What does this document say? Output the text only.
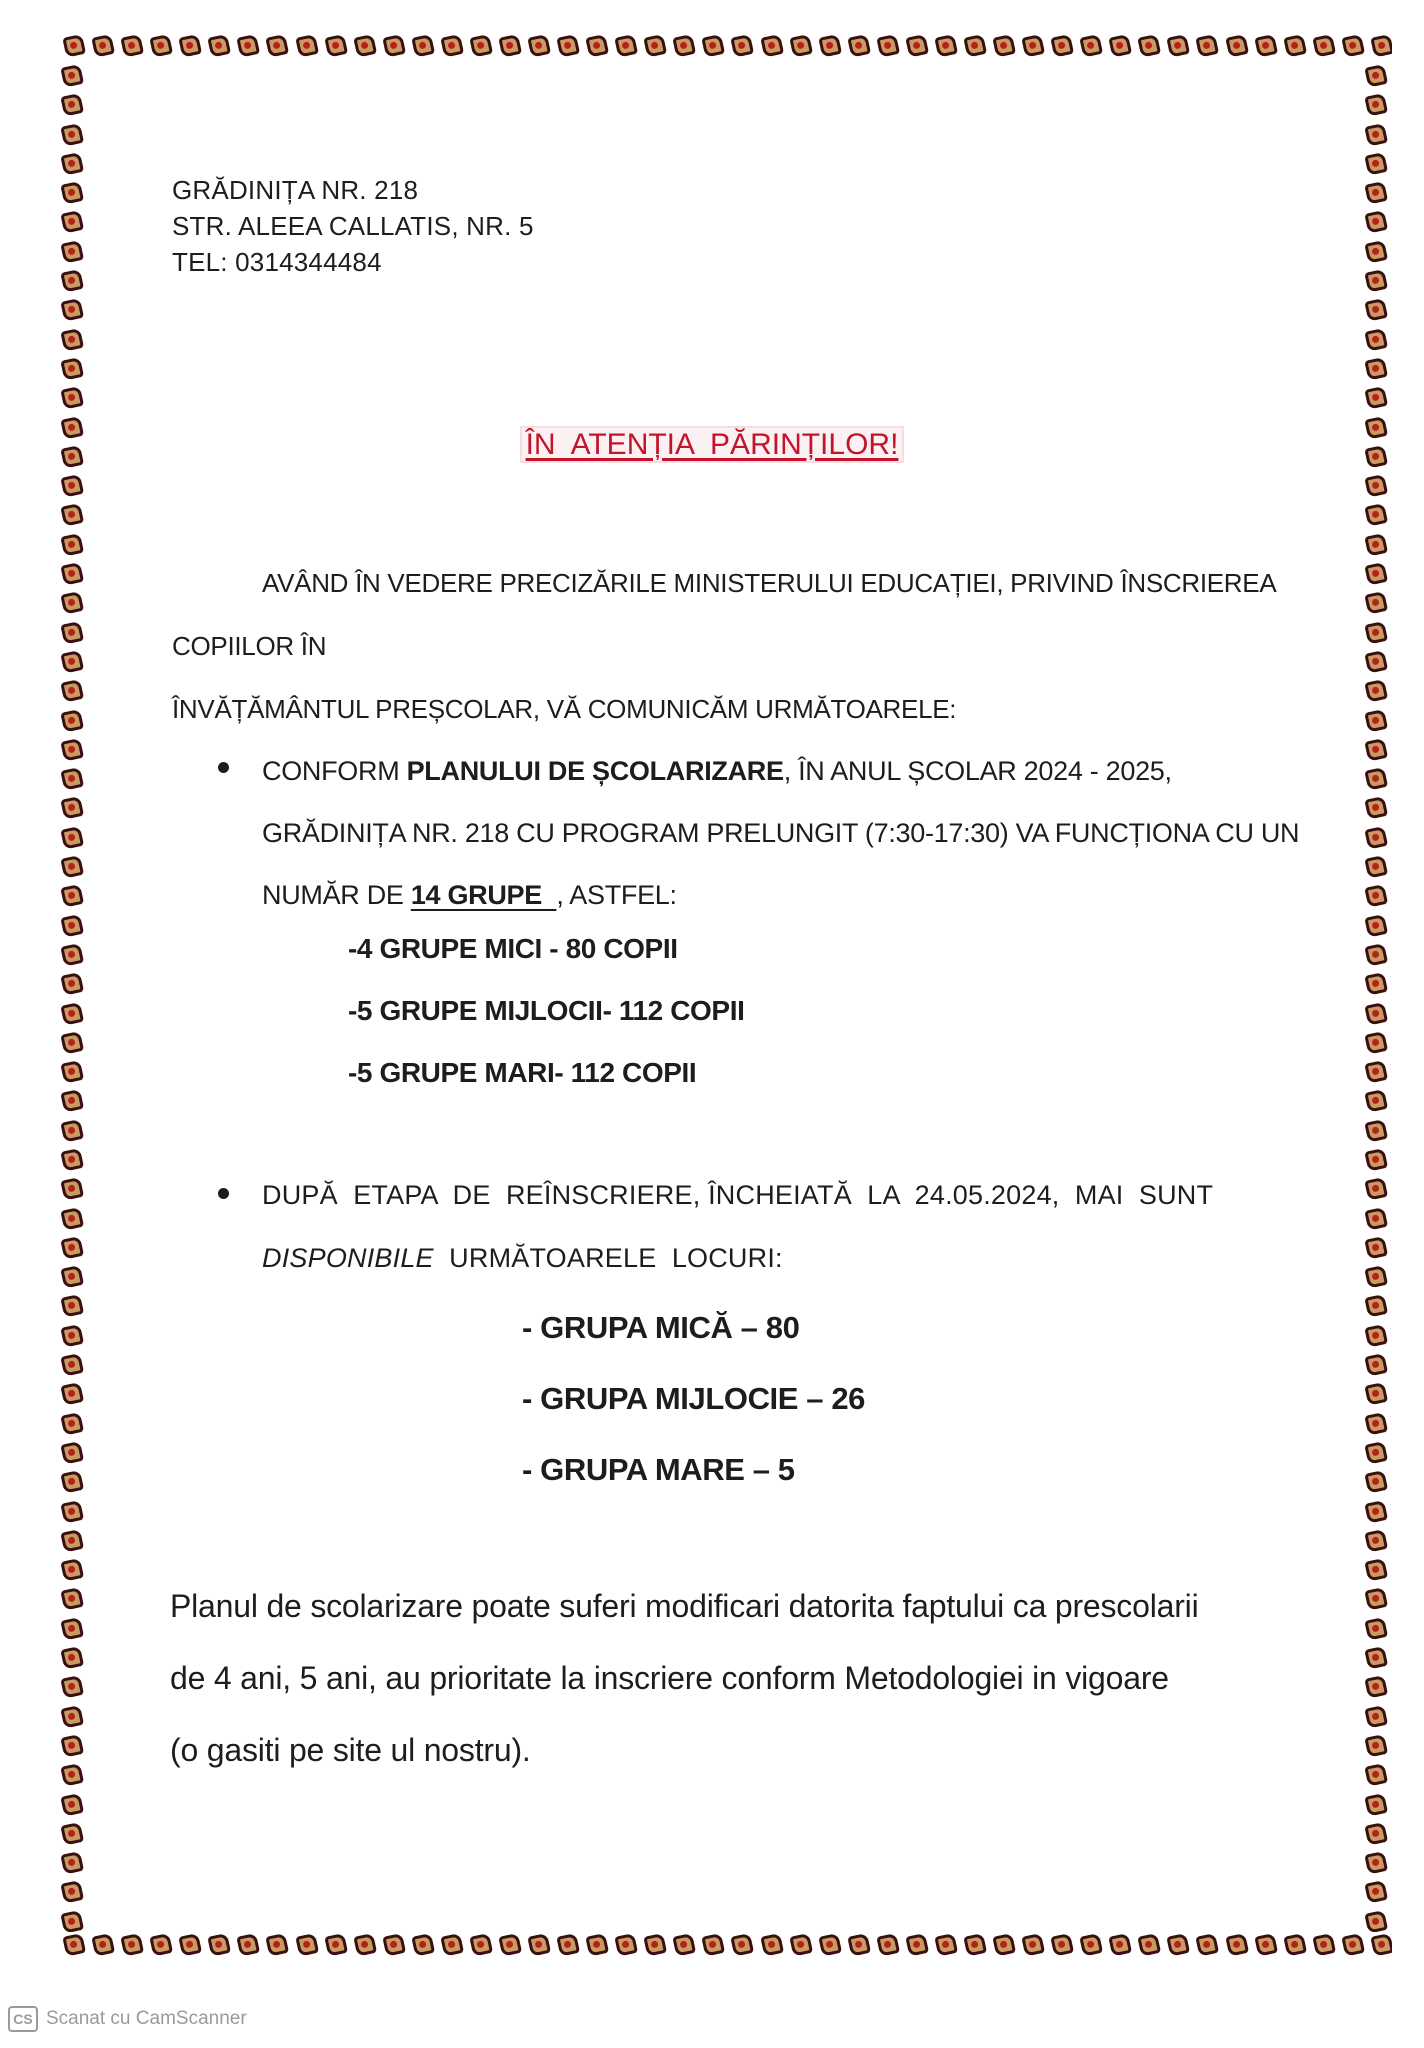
GRĂDINIȚA NR. 218
STR. ALEEA CALLATIS, NR. 5
TEL: 0314344484
ÎN  ATENȚIA  PĂRINȚILOR!
AVÂND ÎN VEDERE PRECIZĂRILE MINISTERULUI EDUCAȚIEI, PRIVIND ÎNSCRIEREA COPIILOR ÎN
ÎNVĂȚĂMÂNTUL PREȘCOLAR, VĂ COMUNICĂM URMĂTOARELE:
CONFORM PLANULUI DE ȘCOLARIZARE, ÎN ANUL ȘCOLAR 2024 - 2025,
GRĂDINIȚA NR. 218 CU PROGRAM PRELUNGIT (7:30-17:30) VA FUNCȚIONA CU UN
NUMĂR DE 14 GRUPE  , ASTFEL:
-4 GRUPE MICI - 80 COPII
-5 GRUPE MIJLOCII- 112 COPII
-5 GRUPE MARI- 112 COPII
DUPĂ  ETAPA  DE  REÎNSCRIERE, ÎNCHEIATĂ  LA  24.05.2024,  MAI  SUNT
DISPONIBILE  URMĂTOARELE  LOCURI:
- GRUPA MICĂ – 80
- GRUPA MIJLOCIE – 26
- GRUPA MARE – 5
Planul de scolarizare poate suferi modificari datorita faptului ca prescolarii
de 4 ani, 5 ani, au prioritate la inscriere conform Metodologiei in vigoare
(o gasiti pe site ul nostru).
CS Scanat cu CamScanner
